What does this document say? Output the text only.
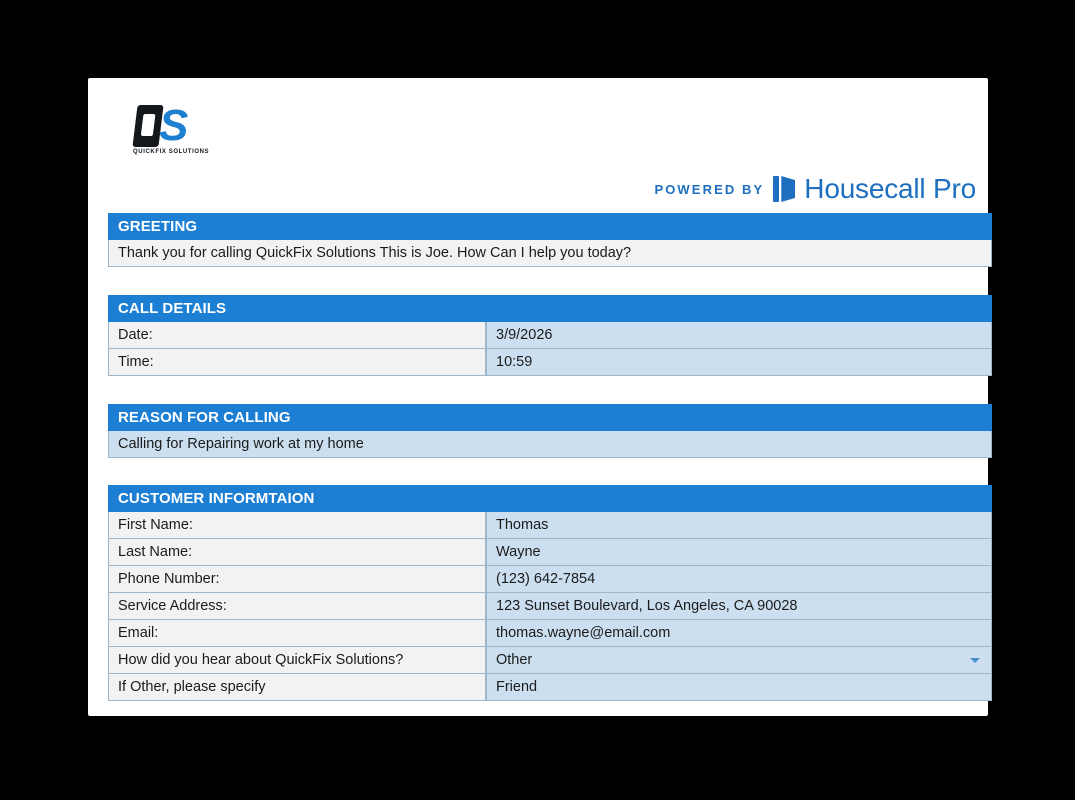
S
QUICKFIX SOLUTIONS
POWERED BY Housecall Pro
GREETING
Thank you for calling QuickFix Solutions This is Joe. How Can I help you today?
CALL DETAILS
Date:	3/9/2026
Time:	10:59
REASON FOR CALLING
Calling for Repairing work at my home
CUSTOMER INFORMTAION
First Name:	Thomas
Last Name:	Wayne
Phone Number:	(123) 642-7854
Service Address:	123 Sunset Boulevard, Los Angeles, CA 90028
Email:	thomas.wayne@email.com
How did you hear about QuickFix Solutions?	Other
If Other, please specify	Friend
